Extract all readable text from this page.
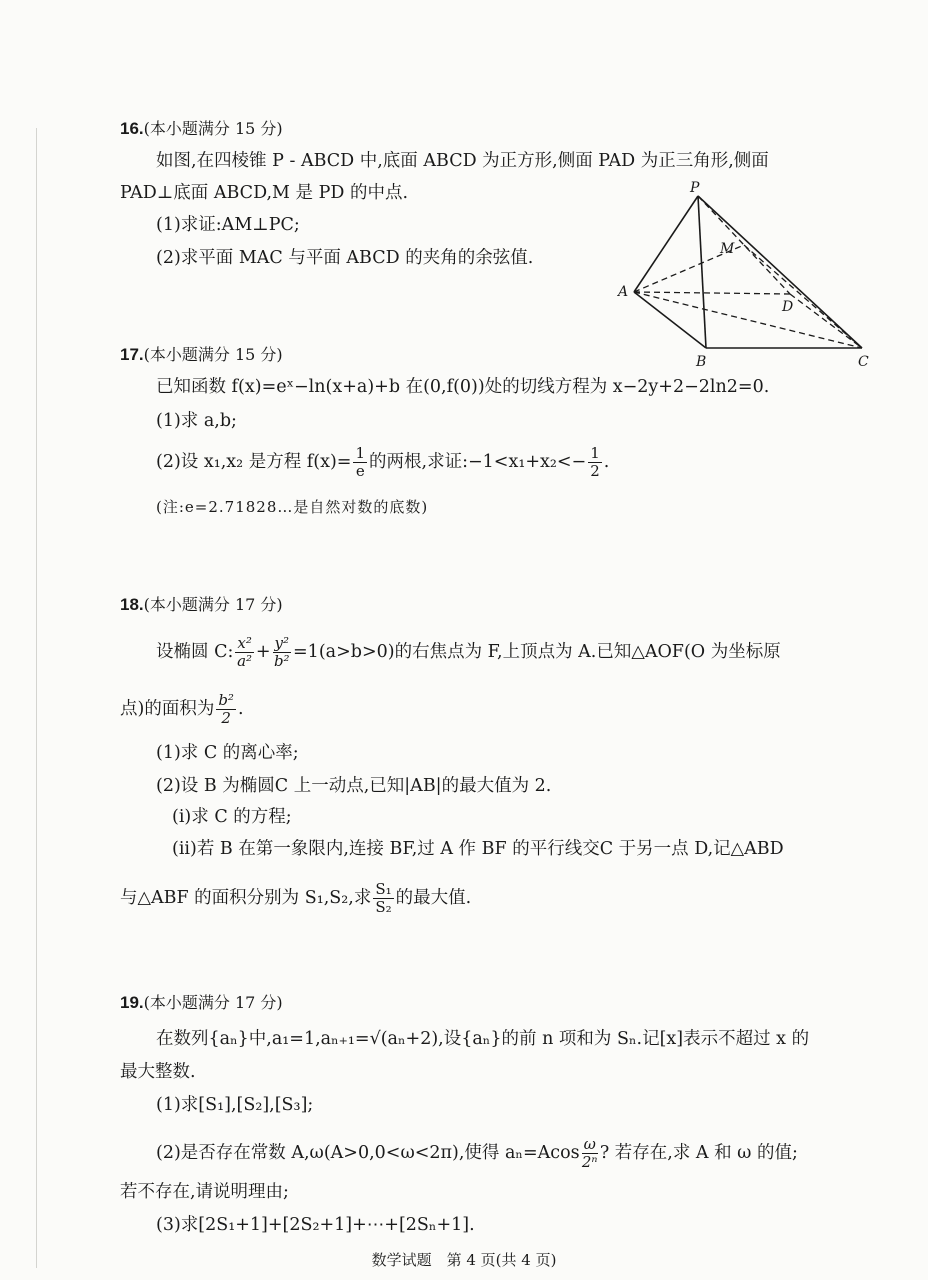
16.(本小题满分 15 分)
如图,在四棱锥 P - ABCD 中,底面 ABCD 为正方形,侧面 PAD 为正三角形,侧面
PAD⊥底面 ABCD,M 是 PD 的中点.
(1)求证:AM⊥PC;
(2)求平面 MAC 与平面 ABCD 的夹角的余弦值.
P
M
A
D
B	C
17.(本小题满分 15 分)
已知函数 f(x)=eˣ−ln(x+a)+b 在(0,f(0))处的切线方程为 x−2y+2−2ln2=0.
(1)求 a,b;
(2)设 x₁,x₂ 是方程 $f(x)= \frac{1}{e}$ 的两根,求证:−1<x₁+x₂<− $\frac{1}{2}$ .
(注:e=2.71828…是自然对数的底数)
18.(本小题满分 17 分)
设椭圆 C: $\frac{\text{x²}}{\text{a²}} + \frac{\text{y²}}{\text{b²}} =1(a>b>0)$的右焦点为 F,上顶点为 A.已知△AOF(O 为坐标原
点)的面积为 $\frac{\text{b²}}{2}$ .
(1)求 C 的离心率;
(2)设 B 为椭圆C 上一动点,已知|AB|的最大值为 2.
(i)求 C 的方程;
(ii)若 B 在第一象限内,连接 BF,过 A 作 BF 的平行线交C 于另一点 D,记△ABD
与△ABF 的面积分别为 S₁,S₂,求 $\frac{\text{S₁}}{\text{S₂}}$ 的最大值.
19.(本小题满分 17 分)
在数列{aₙ}中,a₁=1,aₙ₊₁=√(aₙ+2),设{aₙ}的前 n 项和为 Sₙ.记[x]表示不超过 x 的
最大整数.
(1)求[S₁],[S₂],[S₃];
(2)是否存在常数 A,ω(A>0,0<ω<2π),使得 $a_n=Acos \frac{\omega}{\text{2ⁿ}}$ ? 若存在,求 A 和 ω 的值;
若不存在,请说明理由;
(3)求[2S₁+1]+[2S₂+1]+⋯+[2Sₙ+1].
数学试题　第 4 页(共 4 页)
